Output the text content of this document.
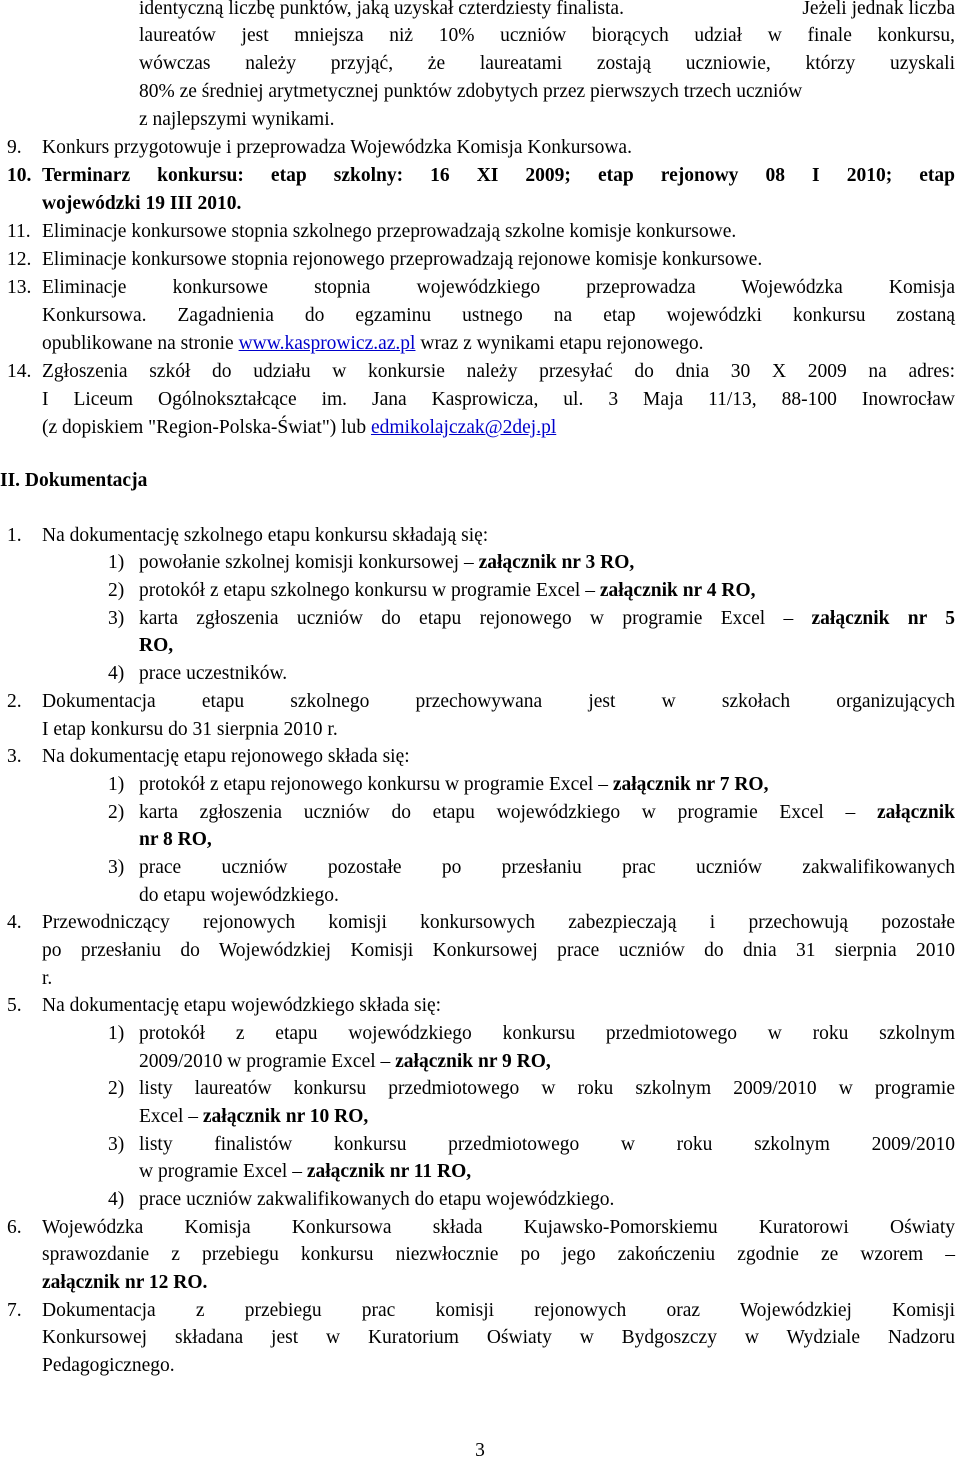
identyczną liczbę punktów, jaką uzyskał czterdziesty finalista.	Jeżeli jednak liczba
laureatów jest mniejsza niż 10% uczniów biorących udział w finale konkursu,
wówczas należy przyjąć, że laureatami zostają uczniowie, którzy uzyskali
80% ze średniej arytmetycznej punktów zdobytych przez pierwszych trzech uczniów
z najlepszymi wynikami.
9. Konkurs przygotowuje i przeprowadza Wojewódzka Komisja Konkursowa.
10. Terminarz konkursu: etap szkolny: 16 XI 2009; etap rejonowy 08 I 2010; etap
wojewódzki 19 III 2010.
11. Eliminacje konkursowe stopnia szkolnego przeprowadzają szkolne komisje konkursowe.
12. Eliminacje konkursowe stopnia rejonowego przeprowadzają rejonowe komisje konkursowe.
13. Eliminacje konkursowe stopnia wojewódzkiego przeprowadza Wojewódzka Komisja
Konkursowa. Zagadnienia do egzaminu ustnego na etap wojewódzki konkursu zostaną
opublikowane na stronie www.kasprowicz.az.pl wraz z wynikami etapu rejonowego.
14. Zgłoszenia szkół do udziału w konkursie należy przesyłać do dnia 30 X 2009 na adres:
I Liceum Ogólnokształcące im. Jana Kasprowicza, ul. 3 Maja 11/13, 88-100 Inowrocław
(z dopiskiem "Region-Polska-Świat") lub edmikolajczak@2dej.pl
II. Dokumentacja
1. Na dokumentację szkolnego etapu konkursu składają się:
1) powołanie szkolnej komisji konkursowej – załącznik nr 3 RO,
2) protokół z etapu szkolnego konkursu w programie Excel – załącznik nr 4 RO,
3) karta zgłoszenia uczniów do etapu rejonowego w programie Excel – załącznik nr 5
RO,
4) prace uczestników.
2. Dokumentacja etapu szkolnego przechowywana jest w szkołach organizujących
I etap konkursu do 31 sierpnia 2010 r.
3. Na dokumentację etapu rejonowego składa się:
1) protokół z etapu rejonowego konkursu w programie Excel – załącznik nr 7 RO,
2) karta zgłoszenia uczniów do etapu wojewódzkiego w programie Excel – załącznik
nr 8 RO,
3) prace uczniów pozostałe po przesłaniu prac uczniów zakwalifikowanych
do etapu wojewódzkiego.
4. Przewodniczący rejonowych komisji konkursowych zabezpieczają i przechowują pozostałe
po przesłaniu do Wojewódzkiej Komisji Konkursowej prace uczniów do dnia 31 sierpnia 2010
r.
5. Na dokumentację etapu wojewódzkiego składa się:
1) protokół z etapu wojewódzkiego konkursu przedmiotowego w roku szkolnym
2009/2010 w programie Excel – załącznik nr 9 RO,
2) listy laureatów konkursu przedmiotowego w roku szkolnym 2009/2010 w programie
Excel – załącznik nr 10 RO,
3) listy finalistów konkursu przedmiotowego w roku szkolnym 2009/2010
w programie Excel – załącznik nr 11 RO,
4) prace uczniów zakwalifikowanych do etapu wojewódzkiego.
6. Wojewódzka Komisja Konkursowa składa Kujawsko-Pomorskiemu Kuratorowi Oświaty
sprawozdanie z przebiegu konkursu niezwłocznie po jego zakończeniu zgodnie ze wzorem –
załącznik nr 12 RO.
7. Dokumentacja z przebiegu prac komisji rejonowych oraz Wojewódzkiej Komisji
Konkursowej składana jest w Kuratorium Oświaty w Bydgoszczy w Wydziale Nadzoru
Pedagogicznego.
3
